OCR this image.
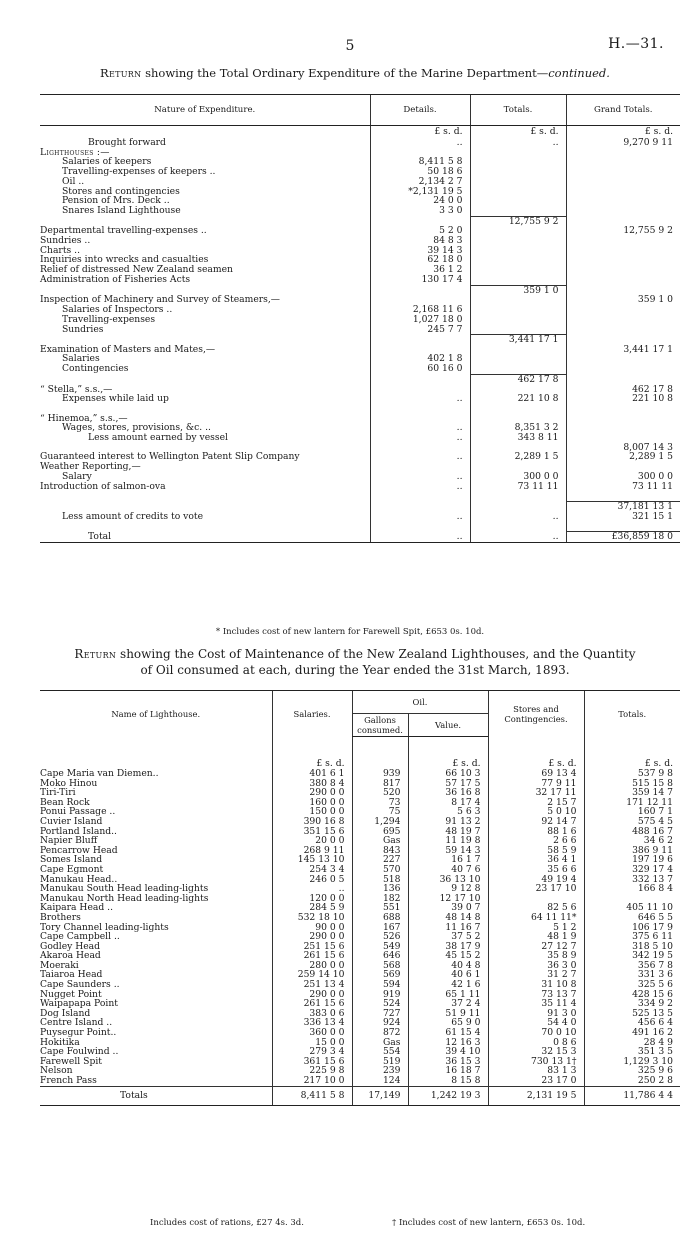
5	H.—31.
Return showing the Total Ordinary Expenditure of the Marine Department—continued.
Nature of Expenditure.	Details.	Totals.	Grand Totals.
	£ s. d.	£ s. d.	£ s. d.
Brought forward	..	..	9,270 9 11
Lighthouses :—			
Salaries of keepers	8,411 5 8		
Travelling-expenses of keepers ..	50 18 6		
Oil ..	2,134 2 7		
Stores and contingencies	*2,131 19 5		
Pension of Mrs. Deck ..	24 0 0		
Snares Island Lighthouse	3 3 0		
		12,755 9 2	
Departmental travelling-expenses ..	5 2 0		12,755 9 2
Sundries ..	84 8 3		
Charts ..	39 14 3		
Inquiries into wrecks and casualties	62 18 0		
Relief of distressed New Zealand seamen	36 1 2		
Administration of Fisheries Acts	130 17 4		
		359 1 0	
Inspection of Machinery and Survey of Steamers,—			359 1 0
Salaries of Inspectors ..	2,168 11 6		
Travelling-expenses	1,027 18 0		
Sundries	245 7 7		
		3,441 17 1	
Examination of Masters and Mates,—			3,441 17 1
Salaries	402 1 8		
Contingencies	60 16 0		
		462 17 8	
“ Stella,” s.s.,—			462 17 8
Expenses while laid up	..	221 10 8	221 10 8

“ Hinemoa,” s.s.,—			
Wages, stores, provisions, &c. ..	..	8,351 3 2	
Less amount earned by vessel	..	343 8 11	
			8,007 14 3
Guaranteed interest to Wellington Patent Slip Company	..	2,289 1 5	2,289 1 5
Weather Reporting,—			
Salary	..	300 0 0	300 0 0
Introduction of salmon-ova	..	73 11 11	73 11 11

			37,181 13 1
Less amount of credits to vote	..	..	321 15 1

Total	..	..	£36,859 18 0
* Includes cost of new lantern for Farewell Spit, £653 0s. 10d.
Return showing the Cost of Maintenance of the New Zealand Lighthouses, and the Quantity
of Oil consumed at each, during the Year ended the 31st March, 1893.
Name of Lighthouse.	Salaries.	Oil.		Stores and Contingencies.	Totals.
		Gallons consumed.	Value.		
	£ s. d.		£ s. d.	£ s. d.	£ s. d.
Cape Maria van Diemen..	401 6 1	939	66 10 3	69 13 4	537 9 8
Moko Hinou	380 8 4	817	57 17 5	77 9 11	515 15 8
Tiri-Tiri	290 0 0	520	36 16 8	32 17 11	359 14 7
Bean Rock	160 0 0	73	8 17 4	2 15 7	171 12 11
Ponui Passage ..	150 0 0	75	5 6 3	5 0 10	160 7 1
Cuvier Island	390 16 8	1,294	91 13 2	92 14 7	575 4 5
Portland Island..	351 15 6	695	48 19 7	88 1 6	488 16 7
Napier Bluff	20 0 0	Gas	11 19 8	2 6 6	34 6 2
Pencarrow Head	268 9 11	843	59 14 3	58 5 9	386 9 11
Somes Island	145 13 10	227	16 1 7	36 4 1	197 19 6
Cape Egmont	254 3 4	570	40 7 6	35 6 6	329 17 4
Manukau Head..	246 0 5	518	36 13 10	49 19 4	332 13 7
Manukau South Head leading-lights	..	136	9 12 8	23 17 10	166 8 4
Manukau North Head leading-lights	120 0 0	182	12 17 10		
Kaipara Head ..	284 5 9	551	39 0 7	82 5 6	405 11 10
Brothers	532 18 10	688	48 14 8	64 11 11*	646 5 5
Tory Channel leading-lights	90 0 0	167	11 16 7	5 1 2	106 17 9
Cape Campbell ..	290 0 0	526	37 5 2	48 1 9	375 6 11
Godley Head	251 15 6	549	38 17 9	27 12 7	318 5 10
Akaroa Head	261 15 6	646	45 15 2	35 8 9	342 19 5
Moeraki	280 0 0	568	40 4 8	36 3 0	356 7 8
Taiaroa Head	259 14 10	569	40 6 1	31 2 7	331 3 6
Cape Saunders ..	251 13 4	594	42 1 6	31 10 8	325 5 6
Nugget Point	290 0 0	919	65 1 11	73 13 7	428 15 6
Waipapapa Point	261 15 6	524	37 2 4	35 11 4	334 9 2
Dog Island	383 0 6	727	51 9 11	91 3 0	525 13 5
Centre Island ..	336 13 4	924	65 9 0	54 4 0	456 6 4
Puysegur Point..	360 0 0	872	61 15 4	70 0 10	491 16 2
Hokitika	15 0 0	Gas	12 16 3	0 8 6	28 4 9
Cape Foulwind ..	279 3 4	554	39 4 10	32 15 3	351 3 5
Farewell Spit	361 15 6	519	36 15 3	730 13 1†	1,129 3 10
Nelson	225 9 8	239	16 18 7	83 1 3	325 9 6
French Pass	217 10 0	124	8 15 8	23 17 0	250 2 8
Totals	8,411 5 8	17,149	1,242 19 3	2,131 19 5	11,786 4 4
Includes cost of rations, £27 4s. 3d.	† Includes cost of new lantern, £653 0s. 10d.
